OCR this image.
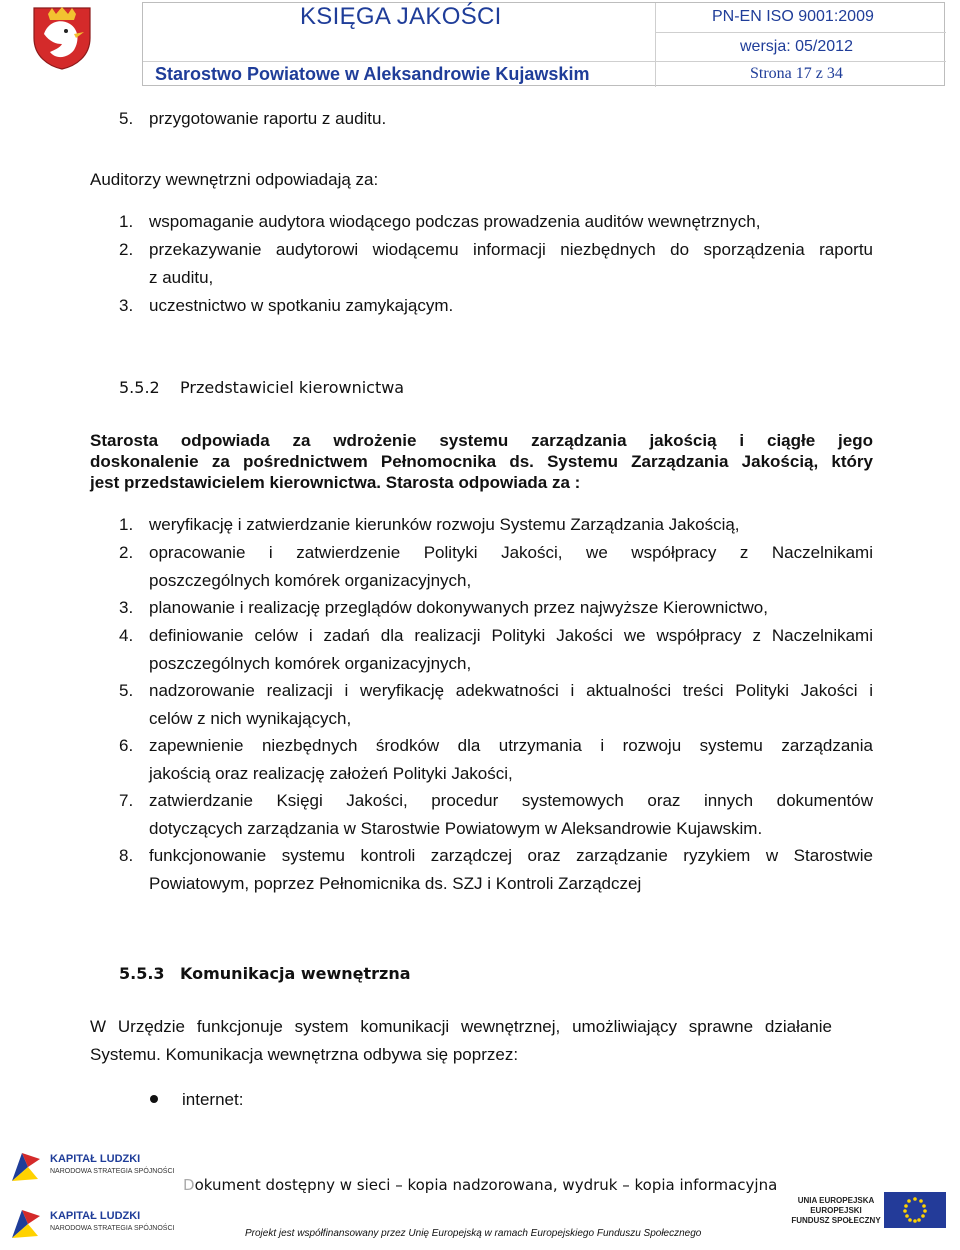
KSIĘGA JAKOŚCI	PN-EN ISO 9001:2009
wersja: 05/2012
Starostwo Powiatowe w Aleksandrowie Kujawskim	Strona 17 z 34
5. przygotowanie raportu z auditu.
Auditorzy wewnętrzni odpowiadają za:
1. wspomaganie audytora wiodącego podczas prowadzenia auditów wewnętrznych,
2. przekazywanie audytorowi wiodącemu informacji niezbędnych do sporządzenia raportu
z auditu,
3. uczestnictwo w spotkaniu zamykającym.
5.5.2 Przedstawiciel kierownictwa
Starosta odpowiada za wdrożenie systemu zarządzania jakością i ciągłe jego
doskonalenie za pośrednictwem Pełnomocnika ds. Systemu Zarządzania Jakością, który
jest przedstawicielem kierownictwa. Starosta odpowiada za :
1. weryfikację i zatwierdzanie kierunków rozwoju Systemu Zarządzania Jakością,
2. opracowanie i zatwierdzenie Polityki Jakości, we współpracy z Naczelnikami
poszczególnych komórek organizacyjnych,
3. planowanie i realizację przeglądów dokonywanych przez najwyższe Kierownictwo,
4. definiowanie celów i zadań dla realizacji Polityki Jakości we współpracy z Naczelnikami
poszczególnych komórek organizacyjnych,
5. nadzorowanie realizacji i weryfikację adekwatności i aktualności treści Polityki Jakości i
celów z nich wynikających,
6. zapewnienie niezbędnych środków dla utrzymania i rozwoju systemu zarządzania
jakością oraz realizację założeń Polityki Jakości,
7. zatwierdzanie Księgi Jakości, procedur systemowych oraz innych dokumentów
dotyczących zarządzania w Starostwie Powiatowym w Aleksandrowie Kujawskim.
8. funkcjonowanie systemu kontroli zarządczej oraz zarządzanie ryzykiem w Starostwie
Powiatowym, poprzez Pełnomicnika ds. SZJ i Kontroli Zarządczej
5.5.3 Komunikacja wewnętrzna
W Urzędzie funkcjonuje system komunikacji wewnętrznej, umożliwiający sprawne działanie
Systemu. Komunikacja wewnętrzna odbywa się poprzez:
internet:
KAPITAŁ LUDZKI
NARODOWA STRATEGIA SPÓJNOŚCI
KAPITAŁ LUDZKI
NARODOWA STRATEGIA SPÓJNOŚCI
Dokument dostępny w sieci – kopia nadzorowana, wydruk – kopia informacyjna
UNIA EUROPEJSKA
EUROPEJSKI
FUNDUSZ SPOŁECZNY
Projekt jest współfinansowany przez Unię Europejską w ramach Europejskiego Funduszu Społecznego
